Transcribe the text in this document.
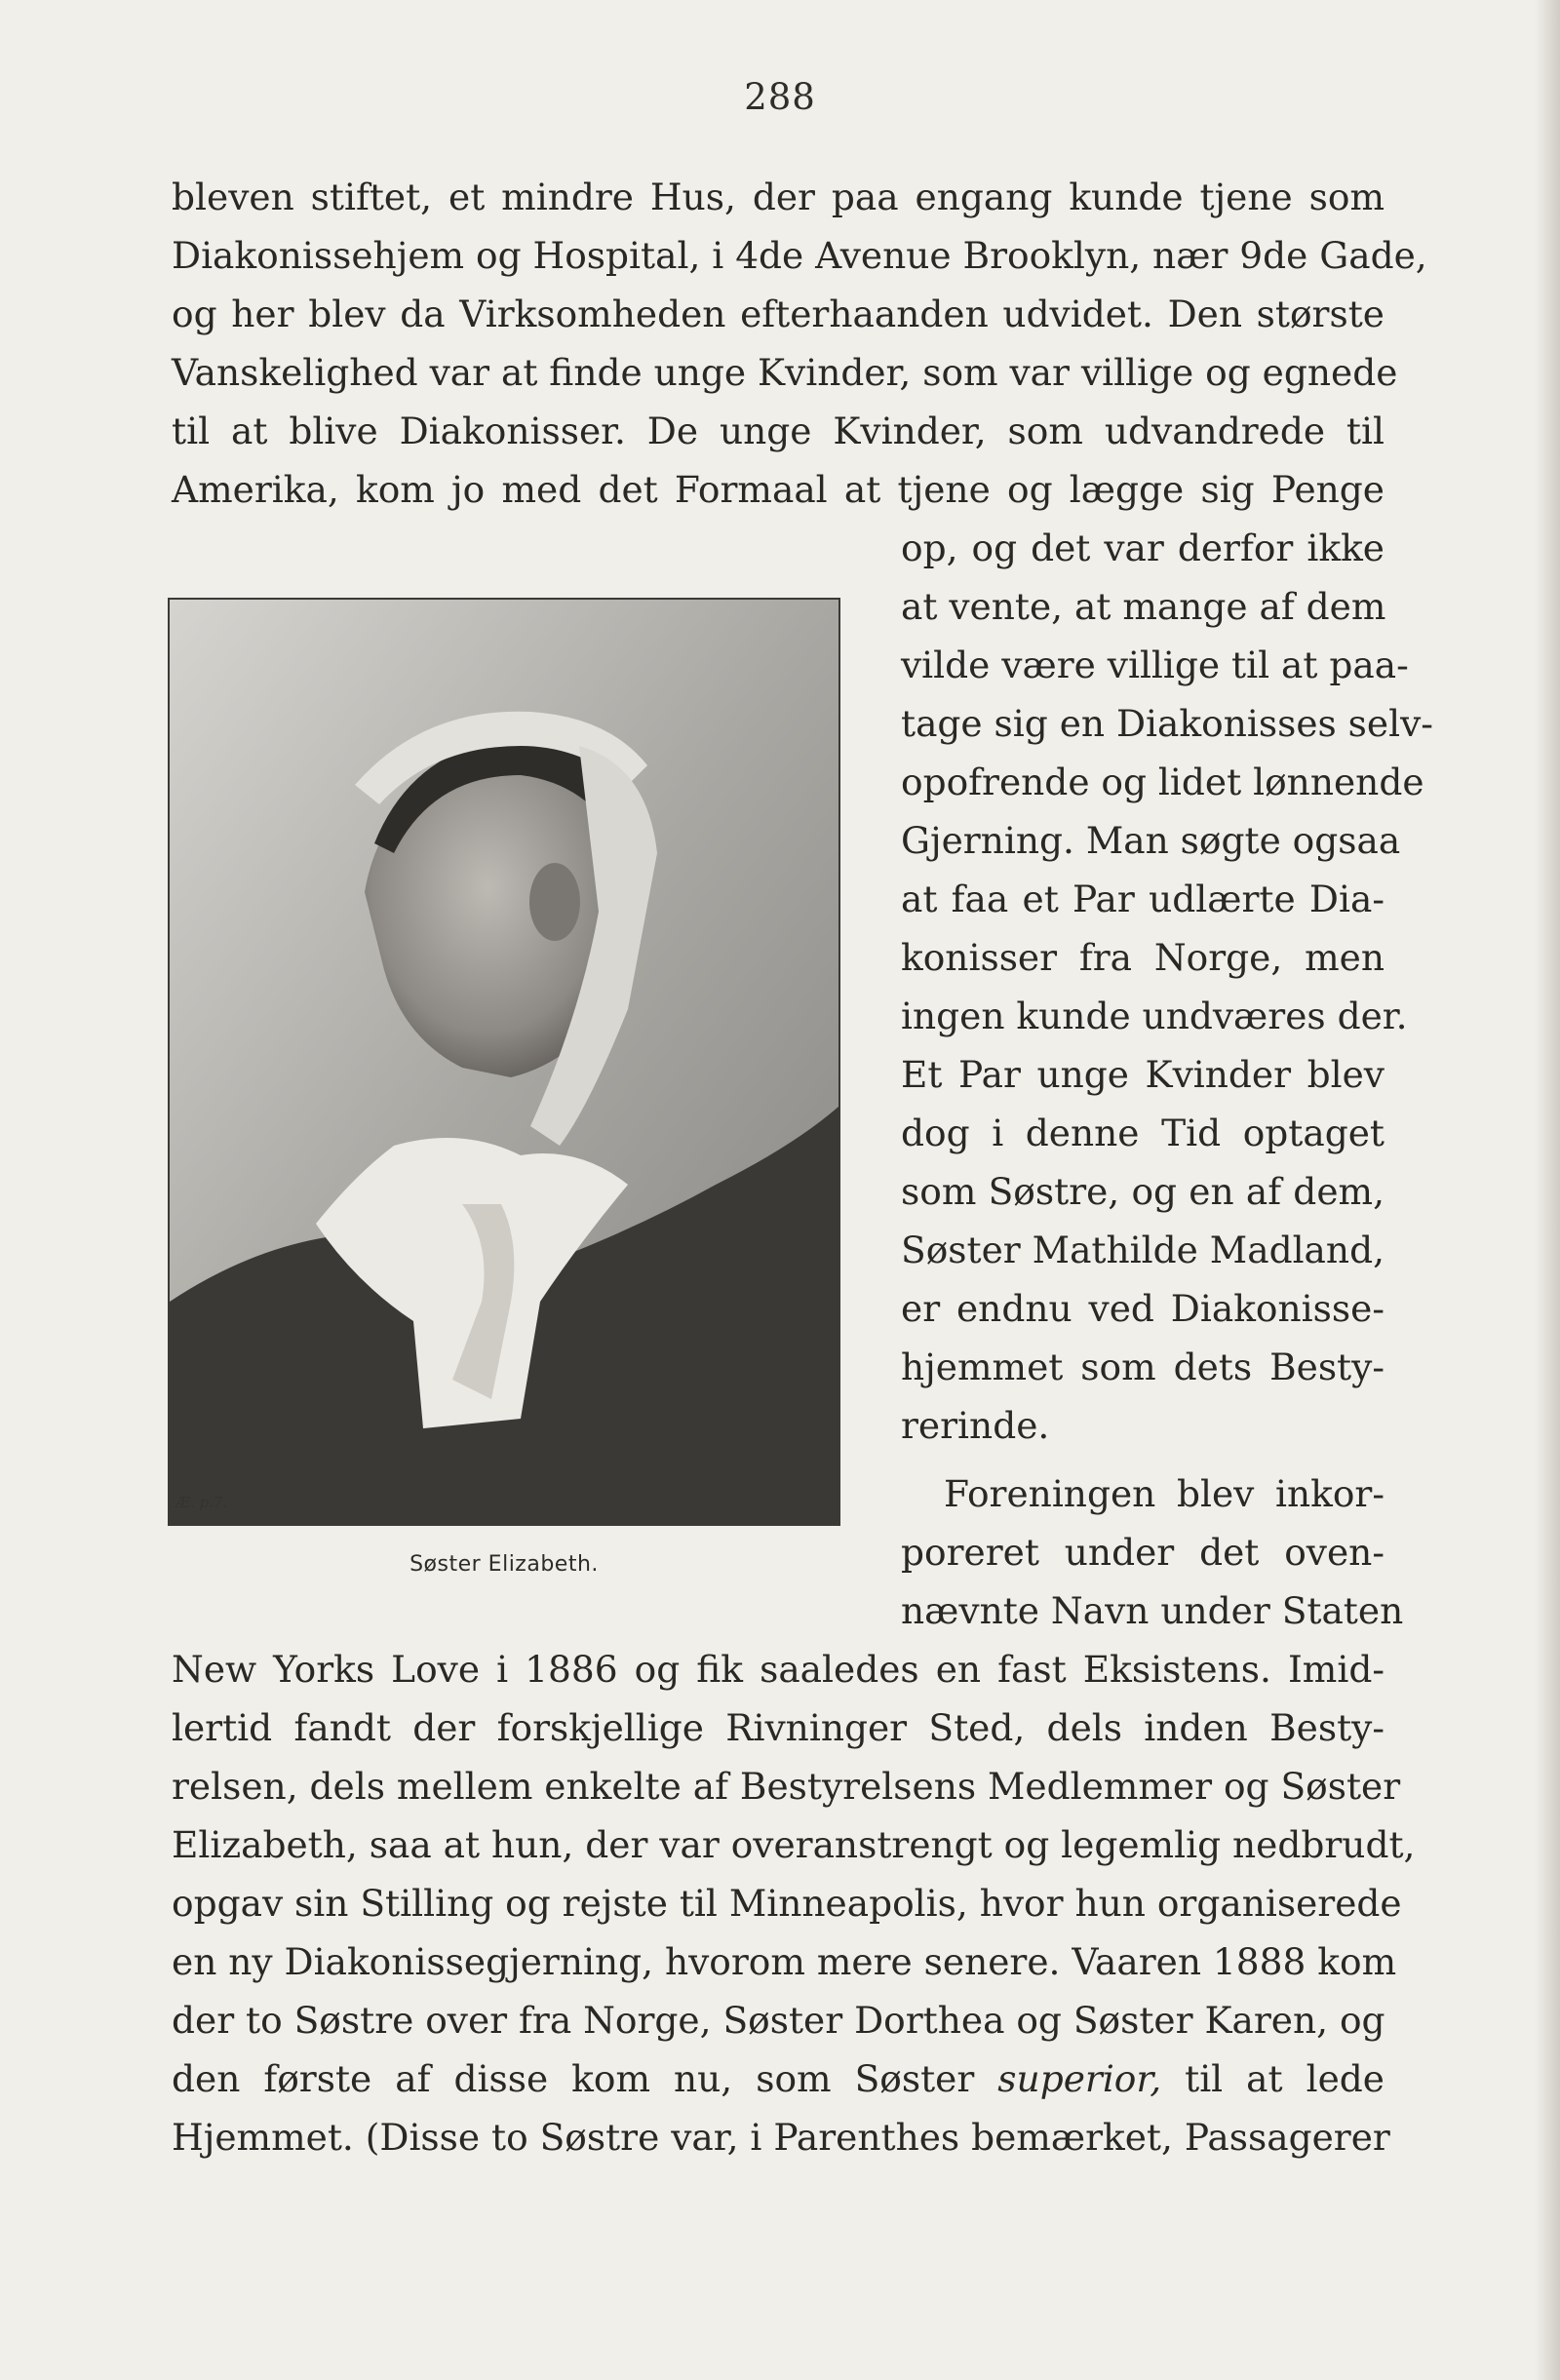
288
bleven stiftet, et mindre Hus, der paa engang kunde tjene som
Diakonissehjem og Hospital, i 4de Avenue Brooklyn, nær 9de Gade,
og her blev da Virksomheden efterhaanden udvidet. Den største
Vanskelighed var at finde unge Kvinder, som var villige og egnede
til at blive Diakonisser. De unge Kvinder, som udvandrede til
Amerika, kom jo med det Formaal at tjene og lægge sig Penge
op, og det var derfor ikke
at vente, at mange af dem
vilde være villige til at paa-
tage sig en Diakonisses selv-
opofrende og lidet lønnende
Gjerning. Man søgte ogsaa
at faa et Par udlærte Dia-
konisser fra Norge, men
ingen kunde undværes der.
Et Par unge Kvinder blev
dog i denne Tid optaget
som Søstre, og en af dem,
Søster Mathilde Madland,
er endnu ved Diakonisse-
hjemmet som dets Besty-
rerinde.
Foreningen blev inkor-
poreret under det oven-
nævnte Navn under Staten
Æ. p.7.
Søster Elizabeth.
New Yorks Love i 1886 og fik saaledes en fast Eksistens. Imid-
lertid fandt der forskjellige Rivninger Sted, dels inden Besty-
relsen, dels mellem enkelte af Bestyrelsens Medlemmer og Søster
Elizabeth, saa at hun, der var overanstrengt og legemlig nedbrudt,
opgav sin Stilling og rejste til Minneapolis, hvor hun organiserede
en ny Diakonissegjerning, hvorom mere senere. Vaaren 1888 kom
der to Søstre over fra Norge, Søster Dorthea og Søster Karen, og
den første af disse kom nu, som Søster superior, til at lede
Hjemmet. (Disse to Søstre var, i Parenthes bemærket, Passagerer
